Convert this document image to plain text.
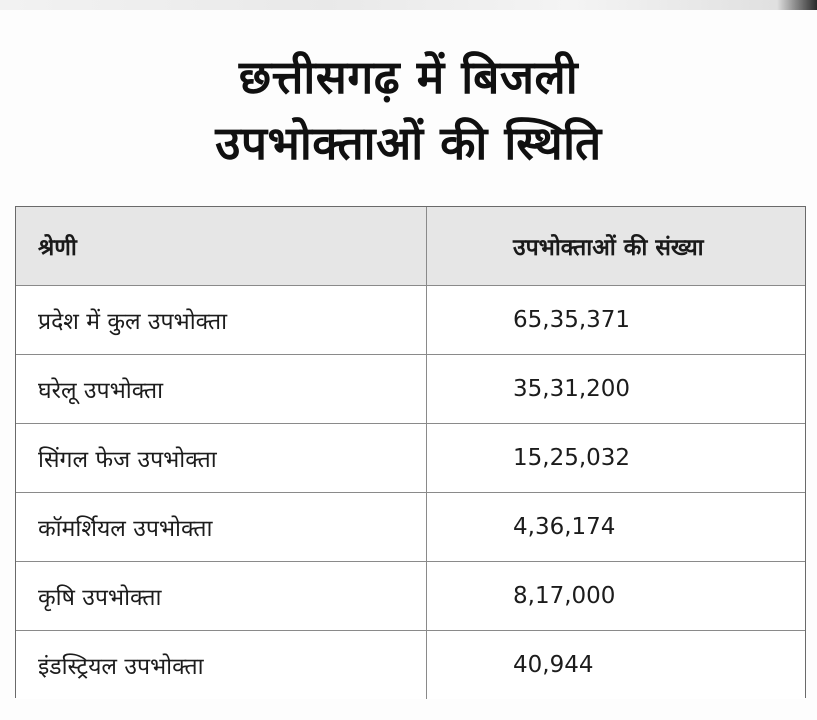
छत्तीसगढ़ में बिजली
उपभोक्ताओं की स्थिति
श्रेणी	उपभोक्ताओं की संख्या
प्रदेश में कुल उपभोक्ता	65,35,371
घरेलू उपभोक्ता	35,31,200
सिंगल फेज उपभोक्ता	15,25,032
कॉमर्शियल उपभोक्ता	4,36,174
कृषि उपभोक्ता	8,17,000
इंडस्ट्रियल उपभोक्ता	40,944
